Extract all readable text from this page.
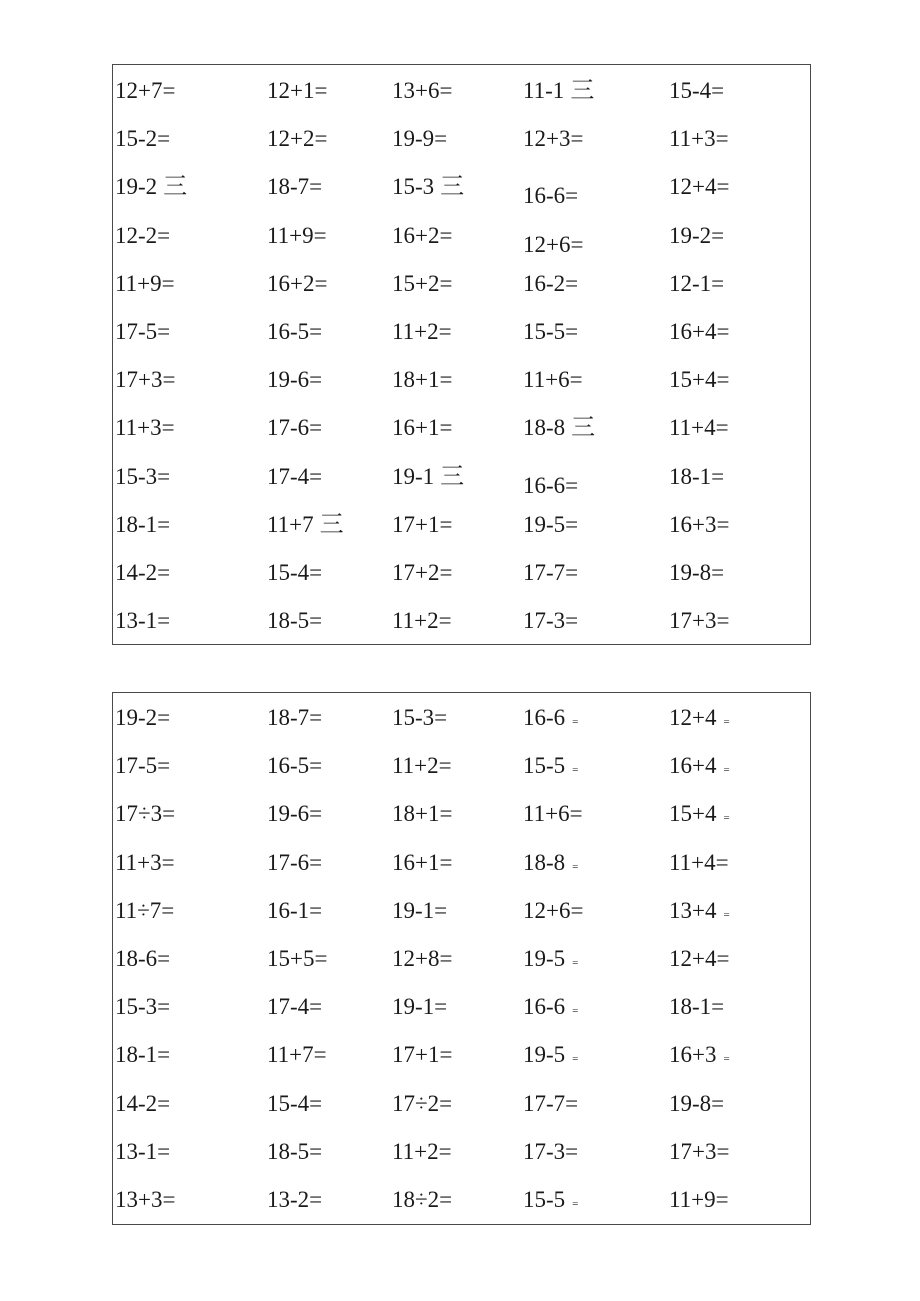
12+7=	12+1=	13+6=	11-1 三	15-4=
15-2=	12+2=	19-9=	12+3=	11+3=
19-2 三	18-7=	15-3 三	16-6=	12+4=
12-2=	11+9=	16+2=	12+6=	19-2=
11+9=	16+2=	15+2=	16-2=	12-1=
17-5=	16-5=	11+2=	15-5=	16+4=
17+3=	19-6=	18+1=	11+6=	15+4=
11+3=	17-6=	16+1=	18-8 三	11+4=
15-3=	17-4=	19-1 三	16-6=	18-1=
18-1=	11+7 三 17+1=	19-5=	16+3=
14-2=	15-4=	17+2=	17-7=	19-8=
13-1=	18-5=	11+2=	17-3=	17+3=
19-2=	18-7=	15-3=	16-6 =	12+4 =
17-5=	16-5=	11+2=	15-5 =	16+4 =
17÷3=	19-6=	18+1=	11+6=	15+4 =
11+3=	17-6=	16+1=	18-8 =	11+4=
11÷7=	16-1=	19-1=	12+6=	13+4 =
18-6=	15+5=	12+8=	19-5 =	12+4=
15-3=	17-4=	19-1=	16-6 =	18-1=
18-1=	11+7=	17+1=	19-5 =	16+3 =
14-2=	15-4=	17÷2=	17-7=	19-8=
13-1=	18-5=	11+2=	17-3=	17+3=
13+3=	13-2=	18÷2=	15-5 =	11+9=
